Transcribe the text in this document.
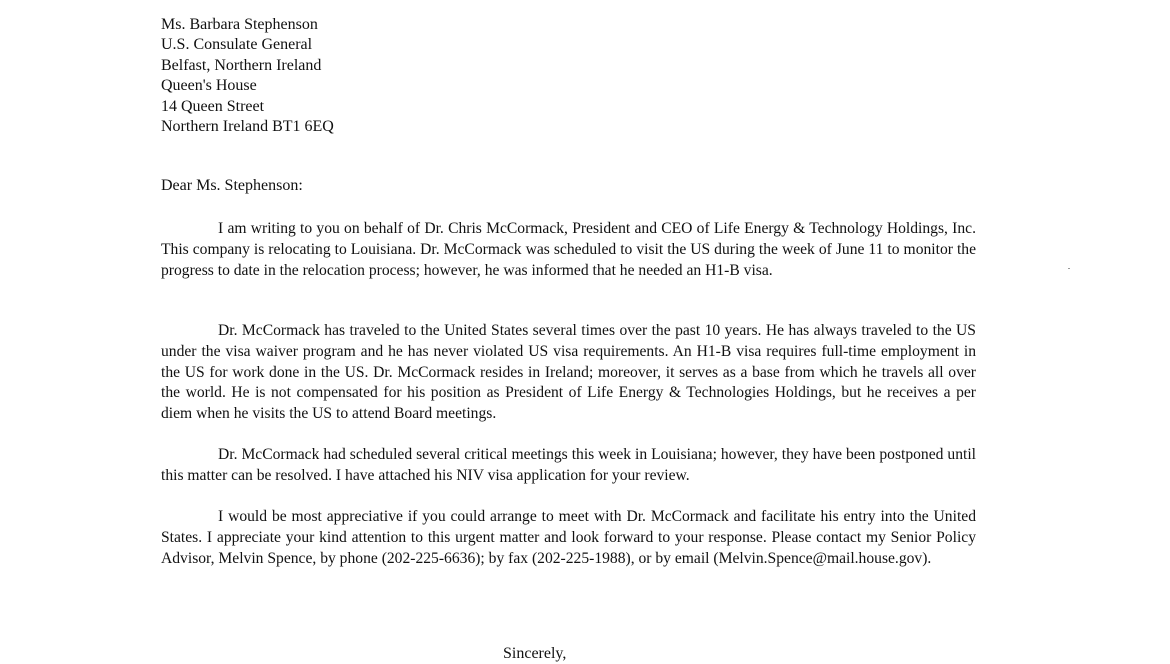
Ms. Barbara Stephenson
U.S. Consulate General
Belfast, Northern Ireland
Queen's House
14 Queen Street
Northern Ireland BT1 6EQ
Dear Ms. Stephenson:

I am writing to you on behalf of Dr. Chris McCormack, President and CEO of Life Energy & Technology Holdings, Inc. This company is relocating to Louisiana. Dr. McCormack was scheduled to visit the US during the week of June 11 to monitor the progress to date in the relocation process; however, he was informed that he needed an H1-B visa.

Dr. McCormack has traveled to the United States several times over the past 10 years. He has always traveled to the US under the visa waiver program and he has never violated US visa requirements. An H1-B visa requires full-time employment in the US for work done in the US. Dr. McCormack resides in Ireland; moreover, it serves as a base from which he travels all over the world. He is not compensated for his position as President of Life Energy & Technologies Holdings, but he receives a per diem when he visits the US to attend Board meetings.

Dr. McCormack had scheduled several critical meetings this week in Louisiana; however, they have been postponed until this matter can be resolved. I have attached his NIV visa application for your review.

I would be most appreciative if you could arrange to meet with Dr. McCormack and facilitate his entry into the United States. I appreciate your kind attention to this urgent matter and look forward to your response. Please contact my Senior Policy Advisor, Melvin Spence, by phone (202-225-6636); by fax (202-225-1988), or by email (Melvin.Spence@mail.house.gov).

Sincerely,
